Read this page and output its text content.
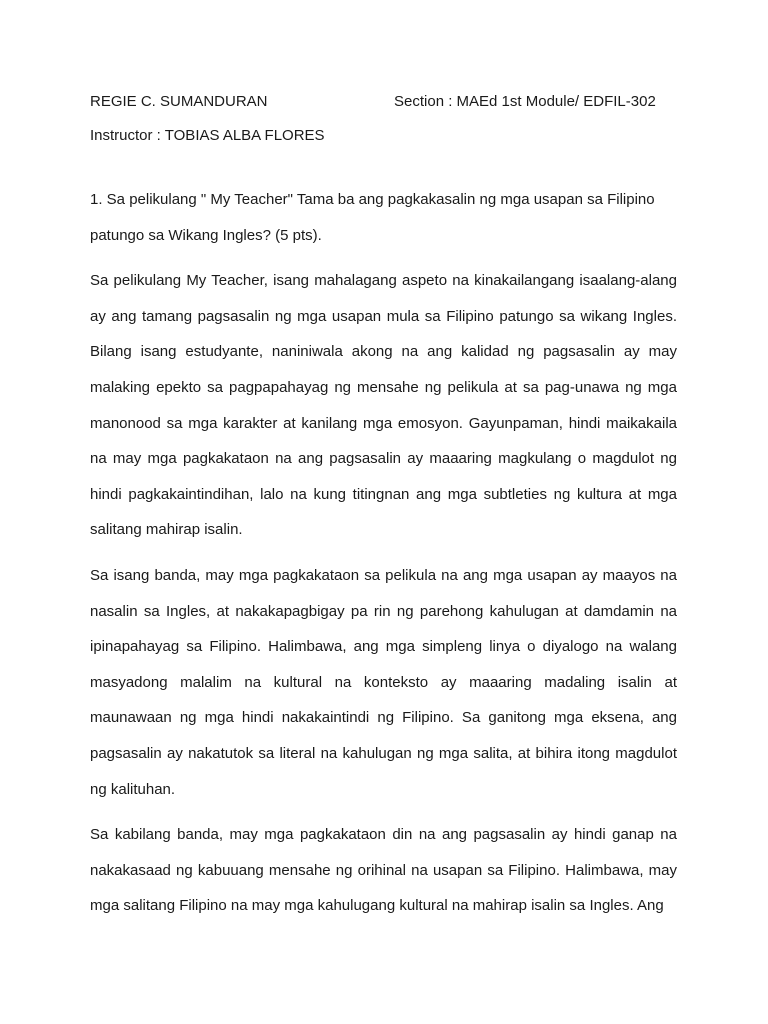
REGIE C. SUMANDURAN	Section : MAEd 1st Module/ EDFIL-302
Instructor : TOBIAS ALBA FLORES

1. Sa pelikulang " My Teacher" Tama ba ang pagkakasalin ng mga usapan sa Filipino patungo sa Wikang Ingles? (5 pts).

Sa pelikulang My Teacher, isang mahalagang aspeto na kinakailangang isaalang-alang ay ang tamang pagsasalin ng mga usapan mula sa Filipino patungo sa wikang Ingles. Bilang isang estudyante, naniniwala akong na ang kalidad ng pagsasalin ay may malaking epekto sa pagpapahayag ng mensahe ng pelikula at sa pag-unawa ng mga manonood sa mga karakter at kanilang mga emosyon. Gayunpaman, hindi maikakaila na may mga pagkakataon na ang pagsasalin ay maaaring magkulang o magdulot ng hindi pagkakaintindihan, lalo na kung titingnan ang mga subtleties ng kultura at mga salitang mahirap isalin.

Sa isang banda, may mga pagkakataon sa pelikula na ang mga usapan ay maayos na nasalin sa Ingles, at nakakapagbigay pa rin ng parehong kahulugan at damdamin na ipinapahayag sa Filipino. Halimbawa, ang mga simpleng linya o diyalogo na walang masyadong malalim na kultural na konteksto ay maaaring madaling isalin at maunawaan ng mga hindi nakakaintindi ng Filipino. Sa ganitong mga eksena, ang pagsasalin ay nakatutok sa literal na kahulugan ng mga salita, at bihira itong magdulot ng kalituhan.

Sa kabilang banda, may mga pagkakataon din na ang pagsasalin ay hindi ganap na nakakasaad ng kabuuang mensahe ng orihinal na usapan sa Filipino. Halimbawa, may mga salitang Filipino na may mga kahulugang kultural na mahirap isalin sa Ingles. Ang
